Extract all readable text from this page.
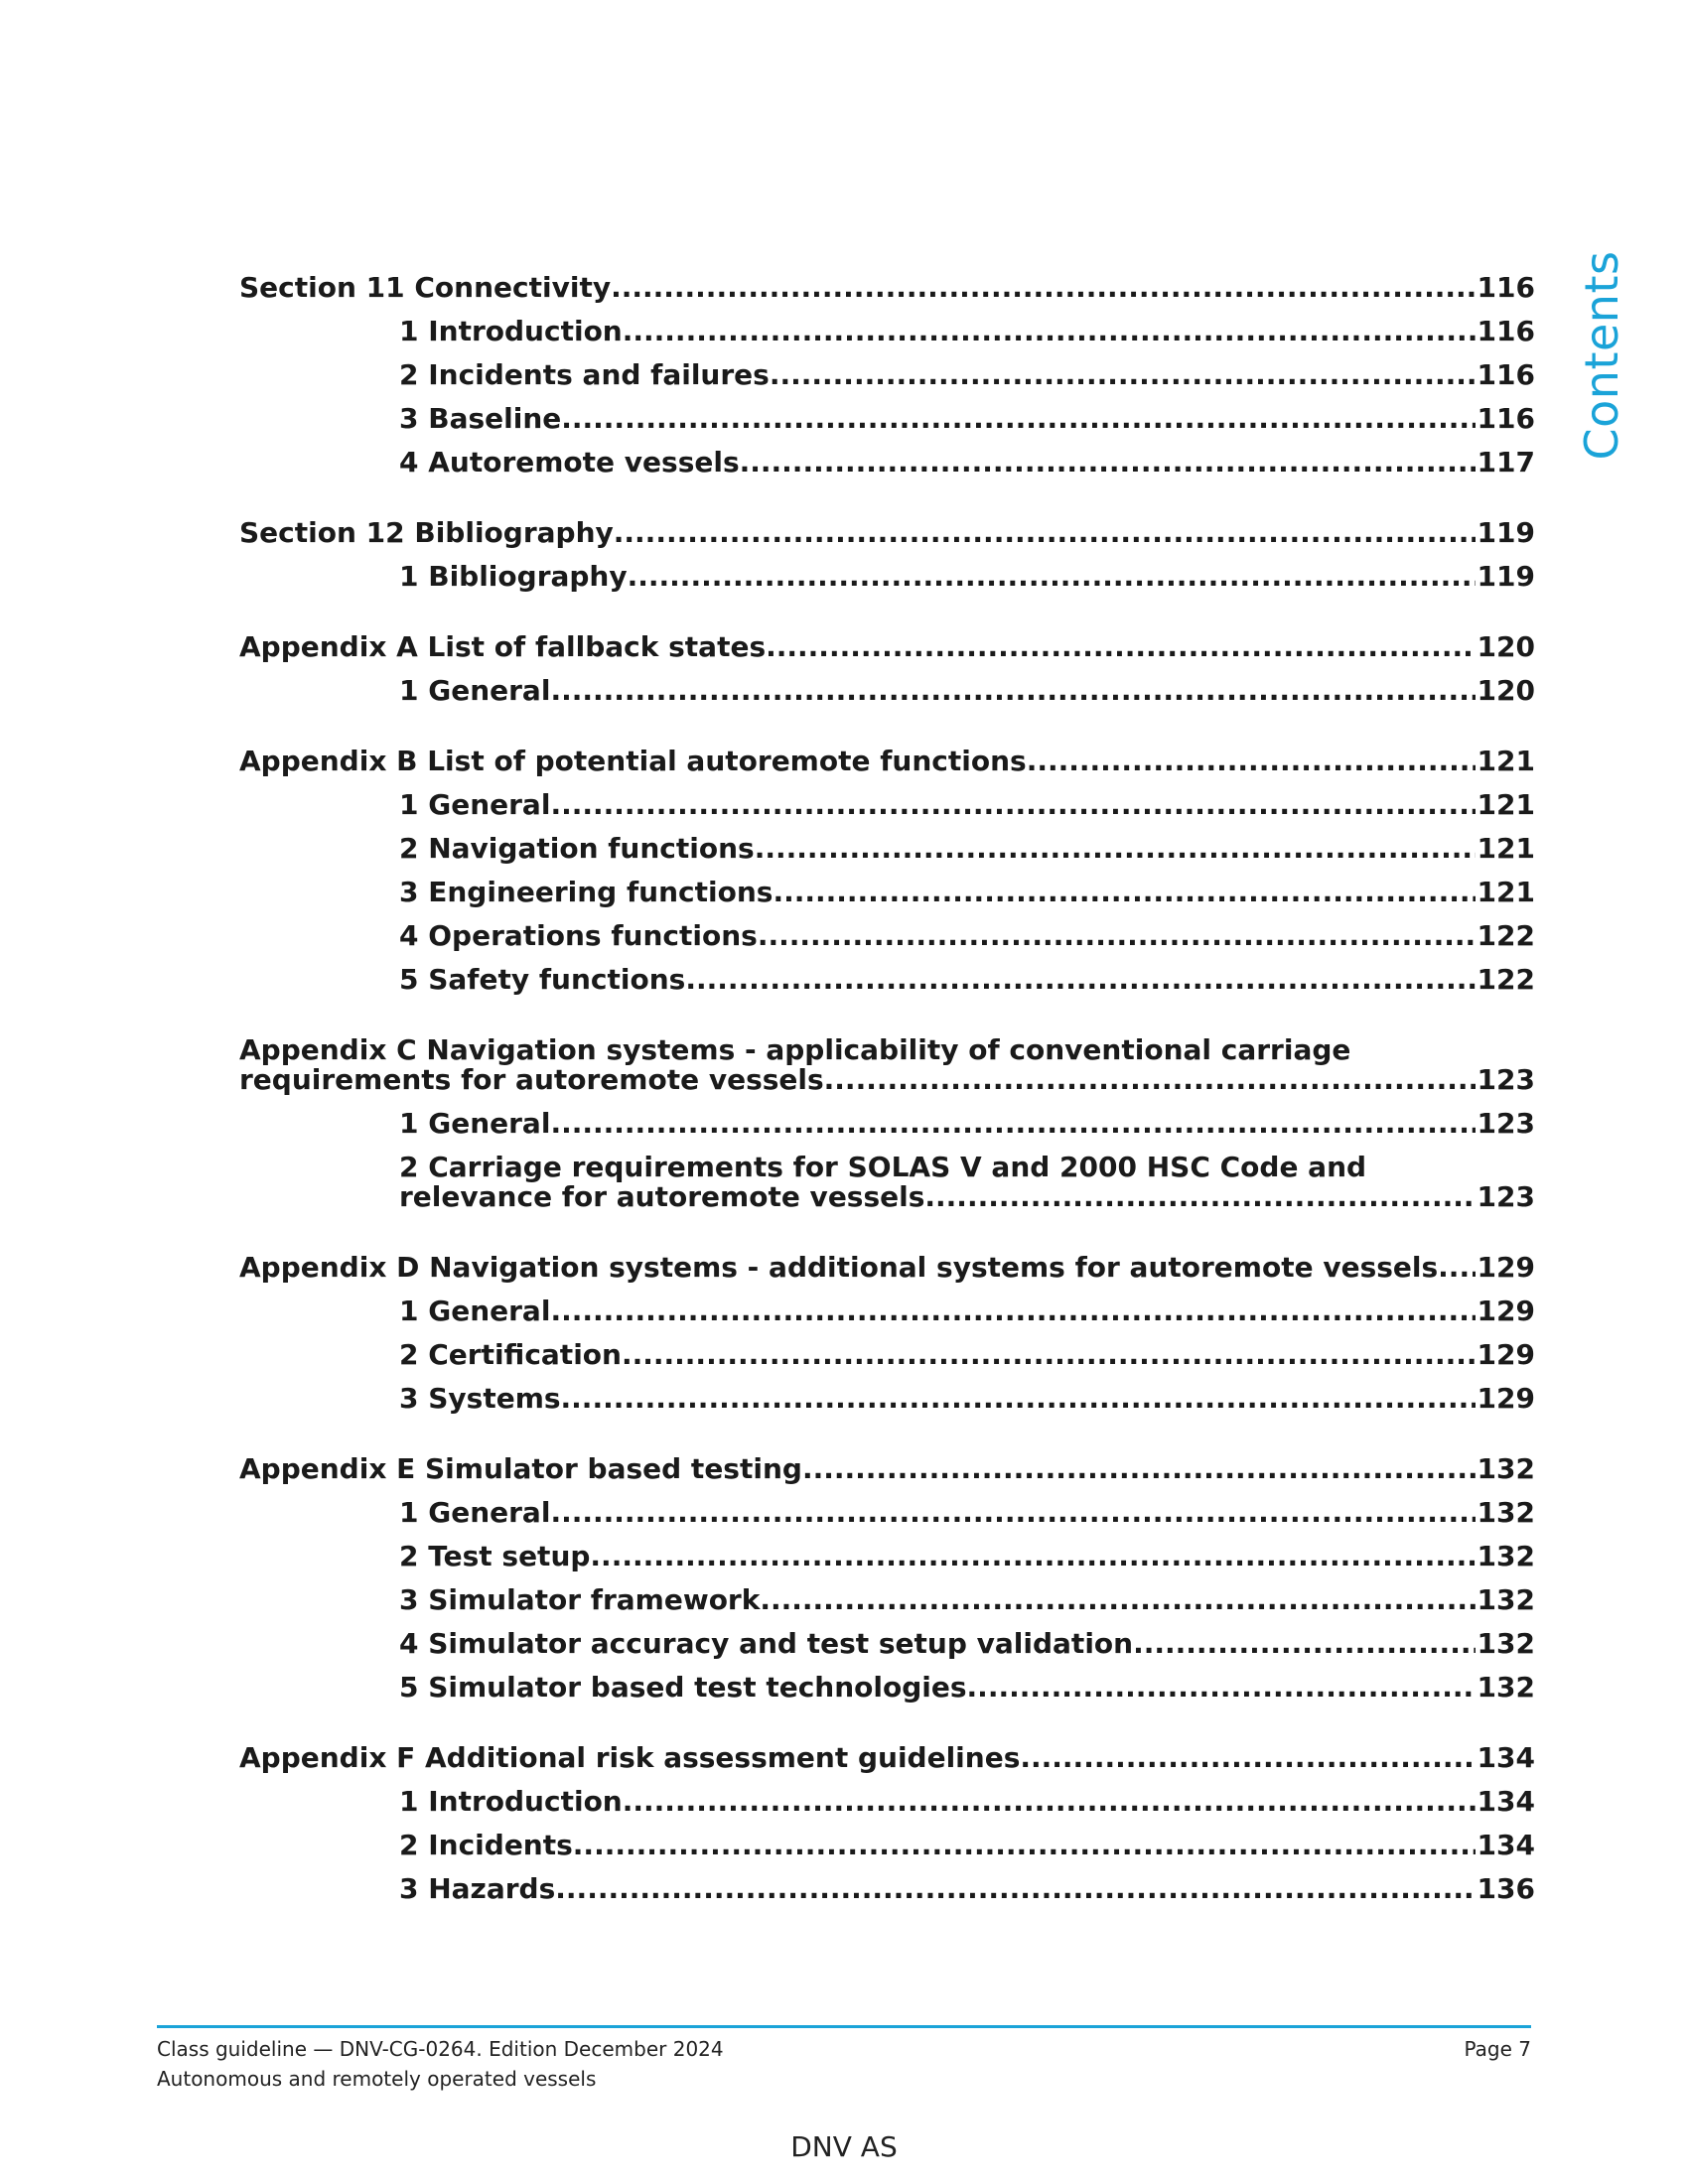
Contents
Section 11 Connectivity .....	116
1 Introduction .....	116
2 Incidents and failures .....	116
3 Baseline .....	116
4 Autoremote vessels .....	117
Section 12 Bibliography .....	119
1 Bibliography .....	119
Appendix A List of fallback states .....	120
1 General .....	120
Appendix B List of potential autoremote functions .....	121
1 General .....	121
2 Navigation functions .....	121
3 Engineering functions .....	121
4 Operations functions .....	122
5 Safety functions .....	122
Appendix C Navigation systems - applicability of conventional carriage
requirements for autoremote vessels .....	123
1 General .....	123
2 Carriage requirements for SOLAS V and 2000 HSC Code and
relevance for autoremote vessels .....	123
Appendix D Navigation systems - additional systems for autoremote vessels ..... 129
1 General .....	129
2 Certification .....	129
3 Systems .....	129
Appendix E Simulator based testing .....	132
1 General .....	132
2 Test setup .....	132
3 Simulator framework .....	132
4 Simulator accuracy and test setup validation .....	132
5 Simulator based test technologies .....	132
Appendix F Additional risk assessment guidelines .....	134
1 Introduction .....	134
2 Incidents .....	134
3 Hazards .....	136
Class guideline — DNV-CG-0264. Edition December 2024
Autonomous and remotely operated vessels
Page 7
DNV AS
